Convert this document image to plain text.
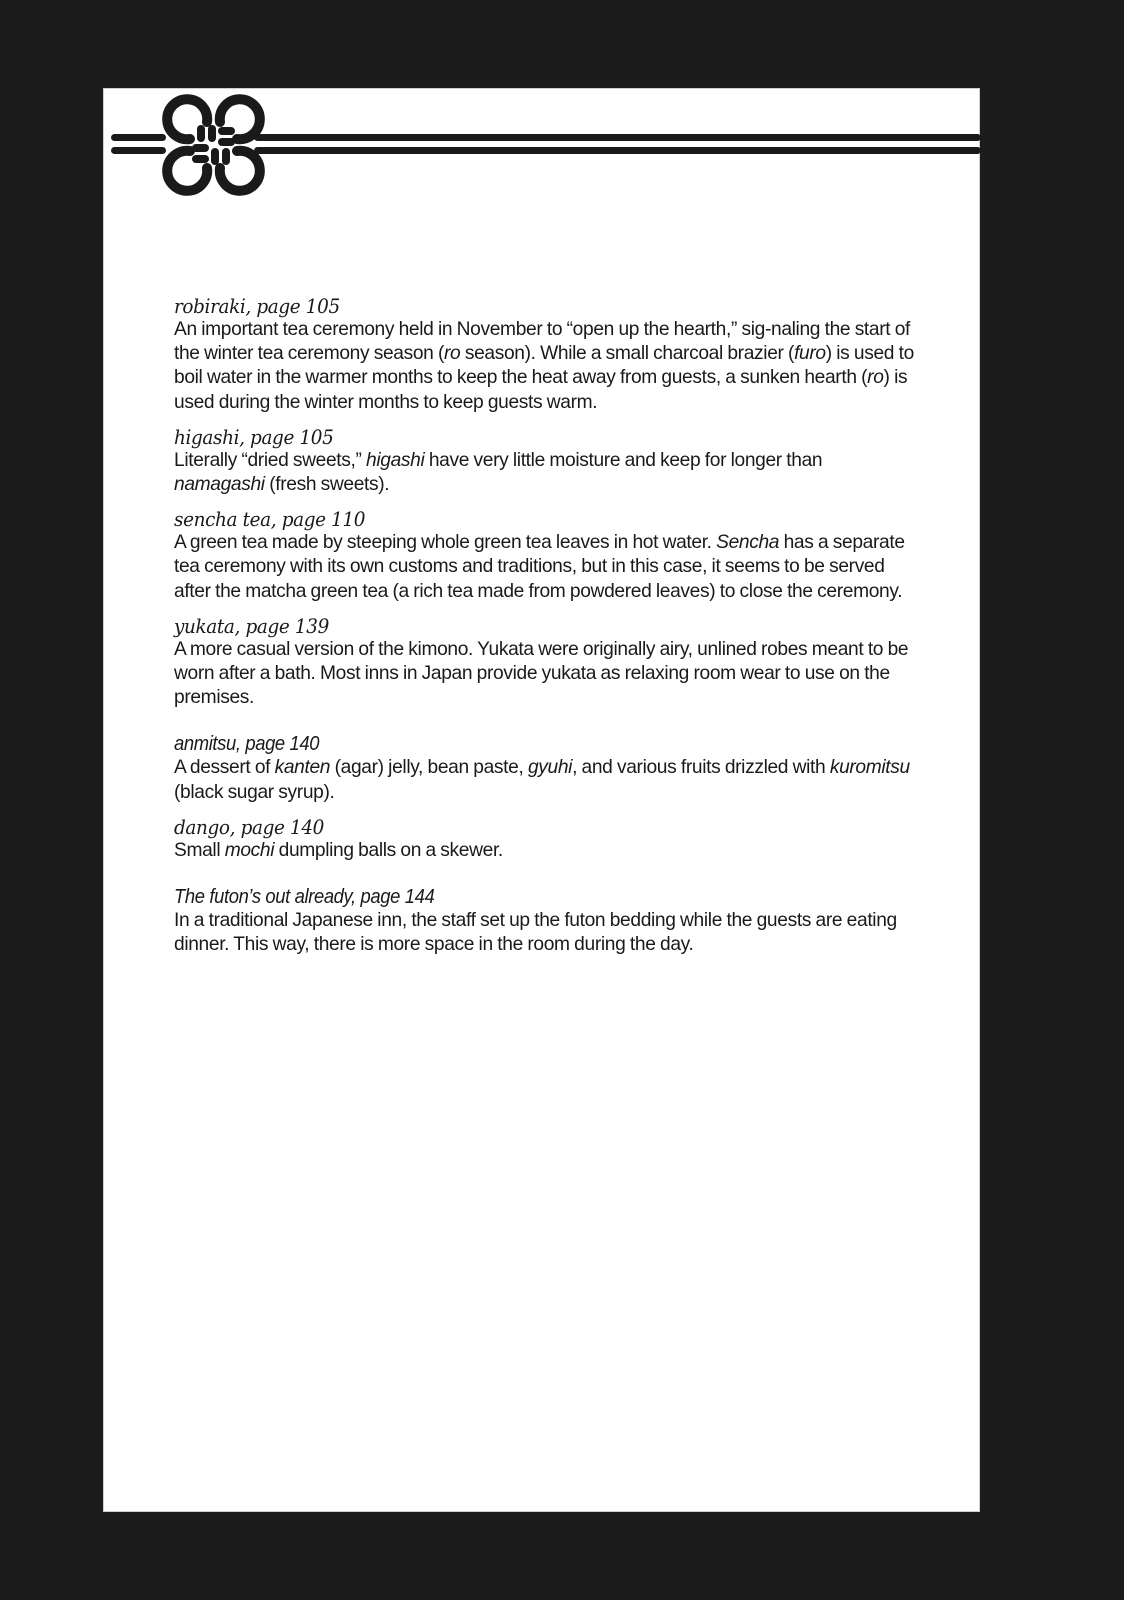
robiraki, page 105
An important tea ceremony held in November to “open up the hearth,” sig-naling the start of the winter tea ceremony season (ro season). While a small charcoal brazier (furo) is used to boil water in the warmer months to keep the heat away from guests, a sunken hearth (ro) is used during the winter months to keep guests warm.
higashi, page 105
Literally “dried sweets,” higashi have very little moisture and keep for longer than namagashi (fresh sweets).
sencha tea, page 110
A green tea made by steeping whole green tea leaves in hot water. Sencha has a separate tea ceremony with its own customs and traditions, but in this case, it seems to be served after the matcha green tea (a rich tea made from powdered leaves) to close the ceremony.
yukata, page 139
A more casual version of the kimono. Yukata were originally airy, unlined robes meant to be worn after a bath. Most inns in Japan provide yukata as relaxing room wear to use on the premises.
anmitsu, page 140
A dessert of kanten (agar) jelly, bean paste, gyuhi, and various fruits drizzled with kuromitsu (black sugar syrup).
dango, page 140
Small mochi dumpling balls on a skewer.
The futon’s out already, page 144
In a traditional Japanese inn, the staff set up the futon bedding while the guests are eating dinner. This way, there is more space in the room during the day.
